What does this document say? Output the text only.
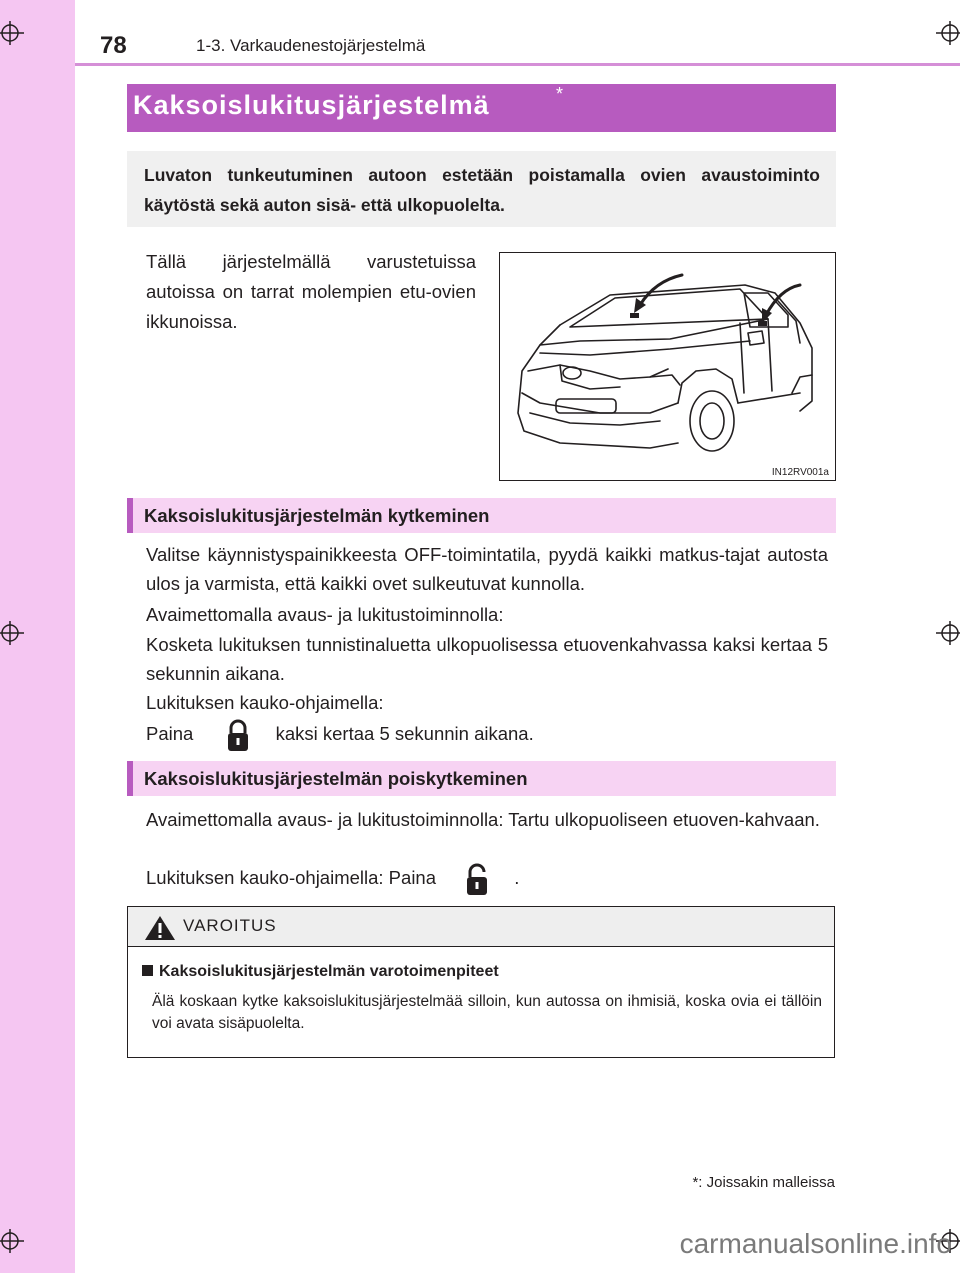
78	1-3. Varkaudenestojärjestelmä
Kaksoislukitusjärjestelmä	*
Luvaton tunkeutuminen autoon estetään poistamalla ovien avaustoiminto käytöstä sekä auton sisä- että ulkopuolelta.
Tällä järjestelmällä varustetuissa autoissa on tarrat molempien etu-ovien ikkunoissa.
IN12RV001a
Kaksoislukitusjärjestelmän kytkeminen
Valitse käynnistyspainikkeesta OFF-toimintatila, pyydä kaikki matkus-tajat autosta ulos ja varmista, että kaikki ovet sulkeutuvat kunnolla.
Avaimettomalla avaus- ja lukitustoiminnolla:
Kosketa lukituksen tunnistinaluetta ulkopuolisessa etuovenkahvassa kaksi kertaa 5 sekunnin aikana.
Lukituksen kauko-ohjaimella:
Paina	kaksi kertaa 5 sekunnin aikana.
Kaksoislukitusjärjestelmän poiskytkeminen
Avaimettomalla avaus- ja lukitustoiminnolla: Tartu ulkopuoliseen etuoven-kahvaan.
Lukituksen kauko-ohjaimella: Paina	.
VAROITUS
Kaksoislukitusjärjestelmän varotoimenpiteet
Älä koskaan kytke kaksoislukitusjärjestelmää silloin, kun autossa on ihmisiä, koska ovia ei tällöin voi avata sisäpuolelta.
*: Joissakin malleissa
carmanualsonline.info
